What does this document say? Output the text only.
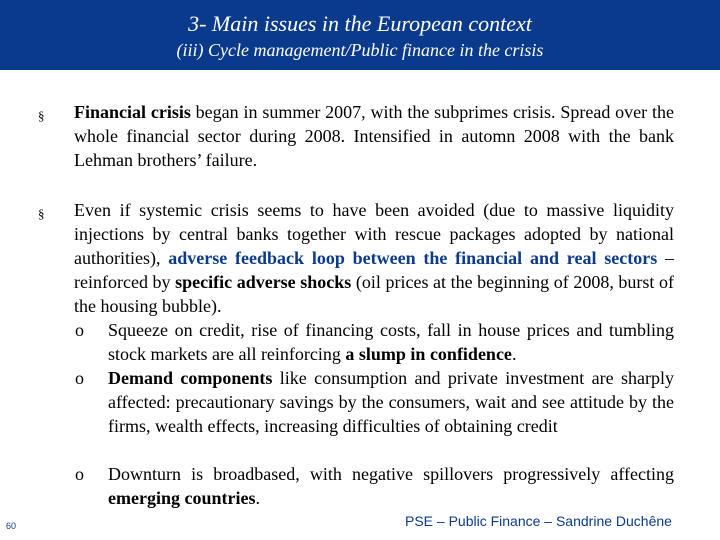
3- Main issues in the European context
(iii) Cycle management/Public finance in the crisis
§ Financial crisis began in summer 2007, with the subprimes crisis. Spread over the whole financial sector during 2008. Intensified in automn 2008 with the bank Lehman brothers’ failure.
§ Even if systemic crisis seems to have been avoided (due to massive liquidity injections by central banks together with rescue packages adopted by national authorities), adverse feedback loop between the financial and real sectors – reinforced by specific adverse shocks (oil prices at the beginning of 2008, burst of the housing bubble).
o Squeeze on credit, rise of financing costs, fall in house prices and tumbling stock markets are all reinforcing a slump in confidence.
o Demand components like consumption and private investment are sharply affected: precautionary savings by the consumers, wait and see attitude by the firms, wealth effects, increasing difficulties of obtaining credit
o Downturn is broadbased, with negative spillovers progressively affecting emerging countries.
60	PSE – Public Finance – Sandrine Duchêne
